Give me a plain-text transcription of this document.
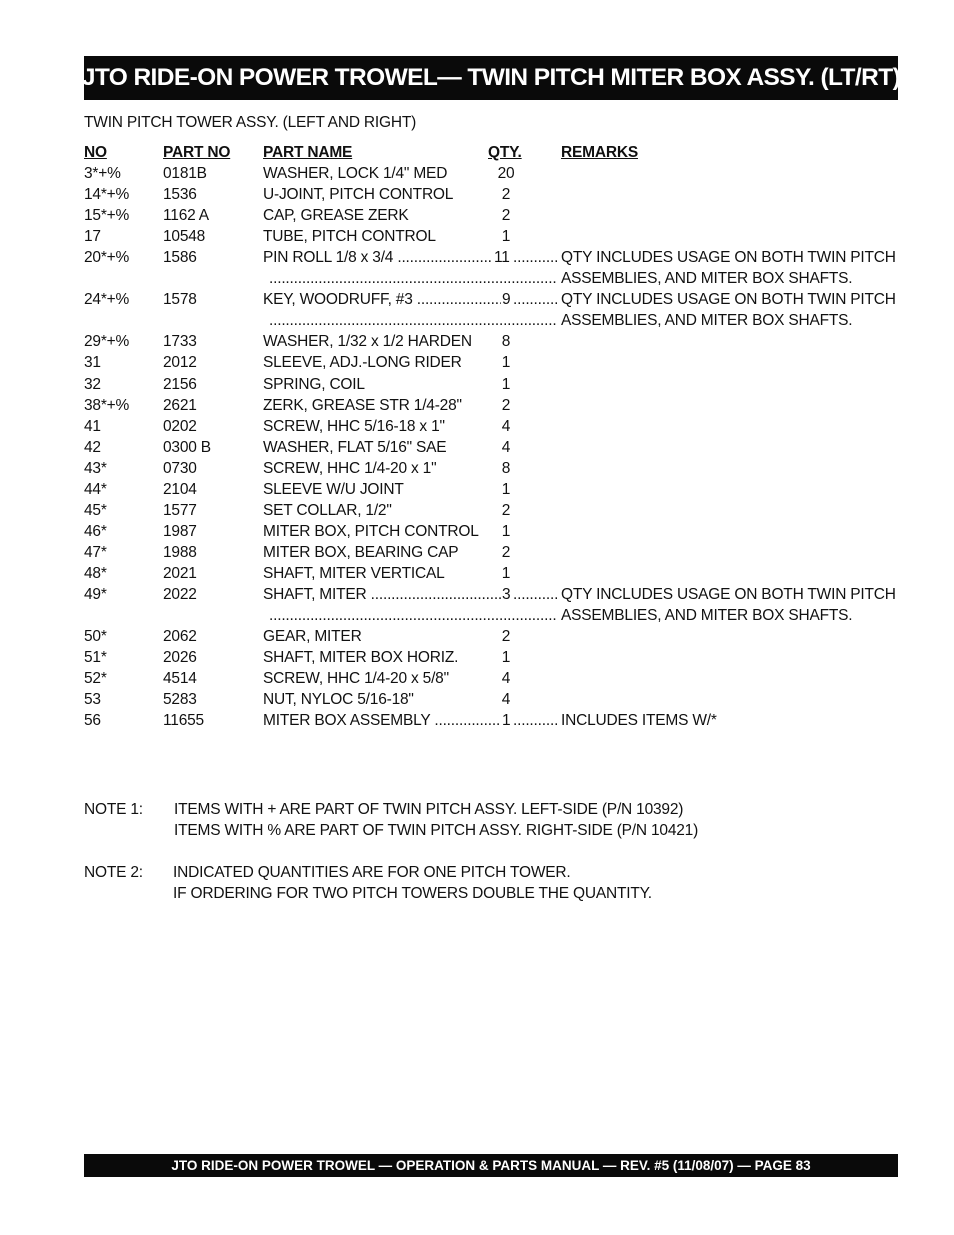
JTO RIDE-ON POWER TROWEL— TWIN PITCH MITER BOX ASSY. (LT/RT)
TWIN PITCH TOWER ASSY. (LEFT AND RIGHT)
NO	PART NO PART NAME	QTY.	REMARKS
3*+%	0181B	WASHER, LOCK 1/4" MED	20
14*+% 1536	U-JOINT, PITCH CONTROL	2
15*+% 1162 A	CAP, GREASE ZERK	2
17	10548	TUBE, PITCH CONTROL	1
20*+% 1586	PIN ROLL 1/8 x 3/4 .....	11 .....	QTY INCLUDES USAGE ON BOTH TWIN PITCH
.....
ASSEMBLIES, AND MITER BOX SHAFTS.
24*+% 1578	KEY, WOODRUFF, #3 .....	9 .....	QTY INCLUDES USAGE ON BOTH TWIN PITCH
.....
ASSEMBLIES, AND MITER BOX SHAFTS.
29*+% 1733	WASHER, 1/32 x 1/2 HARDEN	8
31	2012	SLEEVE, ADJ.-LONG RIDER	1
32	2156	SPRING, COIL	1
38*+% 2621	ZERK, GREASE STR 1/4-28"	2
41	0202	SCREW, HHC 5/16-18 x 1"	4
42	0300 B	WASHER, FLAT 5/16" SAE	4
43*	0730	SCREW, HHC 1/4-20 x 1"	8
44*	2104	SLEEVE W/U JOINT	1
45*	1577	SET COLLAR, 1/2"	2
46*	1987	MITER BOX, PITCH CONTROL	1
47*	1988	MITER BOX, BEARING CAP	2
48*	2021	SHAFT, MITER VERTICAL	1
49*	2022	SHAFT, MITER .....	3 .....	QTY INCLUDES USAGE ON BOTH TWIN PITCH
.....
ASSEMBLIES, AND MITER BOX SHAFTS.
50*	2062	GEAR, MITER	2
51*	2026	SHAFT, MITER BOX HORIZ.	1
52*	4514	SCREW, HHC 1/4-20 x 5/8"	4
53	5283	NUT, NYLOC 5/16-18"	4
56	11655	MITER BOX ASSEMBLY .....	1 .....	INCLUDES ITEMS W/*
NOTE 1: ITEMS WITH + ARE PART OF TWIN PITCH ASSY. LEFT-SIDE (P/N 10392)
ITEMS WITH % ARE PART OF TWIN PITCH ASSY. RIGHT-SIDE (P/N 10421)
NOTE 2: INDICATED QUANTITIES ARE FOR ONE PITCH TOWER.
IF ORDERING FOR TWO PITCH TOWERS DOUBLE THE QUANTITY.
JTO RIDE-ON POWER TROWEL — OPERATION & PARTS MANUAL — REV. #5 (11/08/07) — PAGE 83
